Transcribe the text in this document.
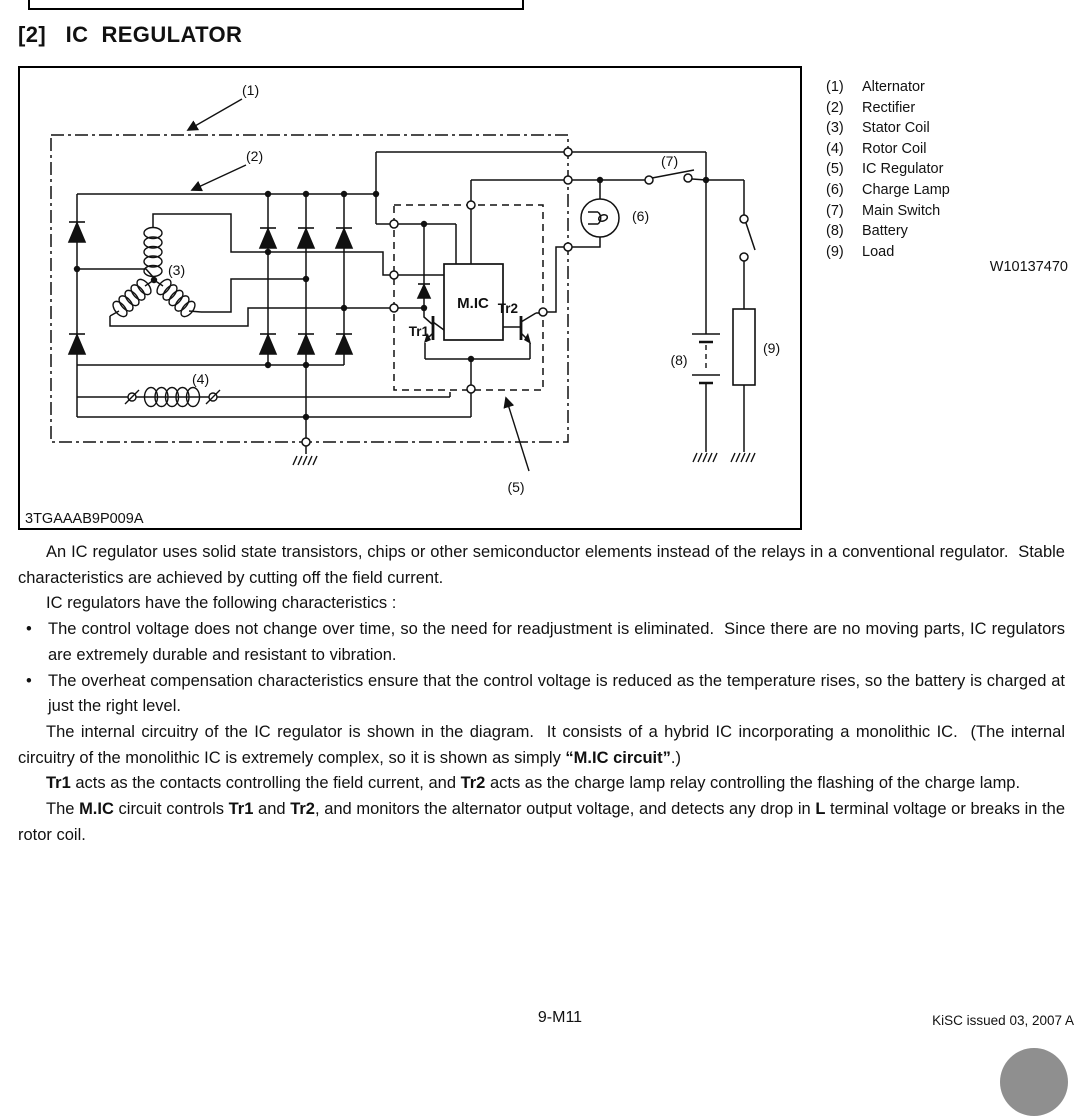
[2]   IC  REGULATOR
M.IC
Tr1
Tr2
(1)
(2)
(3)
(4)
(5)
(6)
(7)
(8)
(9)
3TGAAAB9P009A
(1)	Alternator
(2)	Rectifier
(3)	Stator Coil
(4)	Rotor Coil
(5)	IC Regulator
(6)	Charge Lamp
(7)	Main Switch
(8)	Battery
(9)	Load
W10137470

An IC regulator uses solid state transistors, chips or other semiconductor elements instead of the relays in a conventional regulator.  Stable characteristics are achieved by cutting off the field current.

IC regulators have the following characteristics :

• The control voltage does not change over time, so the need for readjustment is eliminated.  Since there are no moving parts, IC regulators are extremely durable and resistant to vibration.

• The overheat compensation characteristics ensure that the control voltage is reduced as the temperature rises, so the battery is charged at just the right level.

The internal circuitry of the IC regulator is shown in the diagram.  It consists of a hybrid IC incorporating a monolithic IC.  (The internal circuitry of the monolithic IC is extremely complex, so it is shown as simply “M.IC circuit”.)

Tr1 acts as the contacts controlling the field current, and Tr2 acts as the charge lamp relay controlling the flashing of the charge lamp.

The M.IC circuit controls Tr1 and Tr2, and monitors the alternator output voltage, and detects any drop in L terminal voltage or breaks in the rotor coil.

9-M11	KiSC issued 03, 2007 A
